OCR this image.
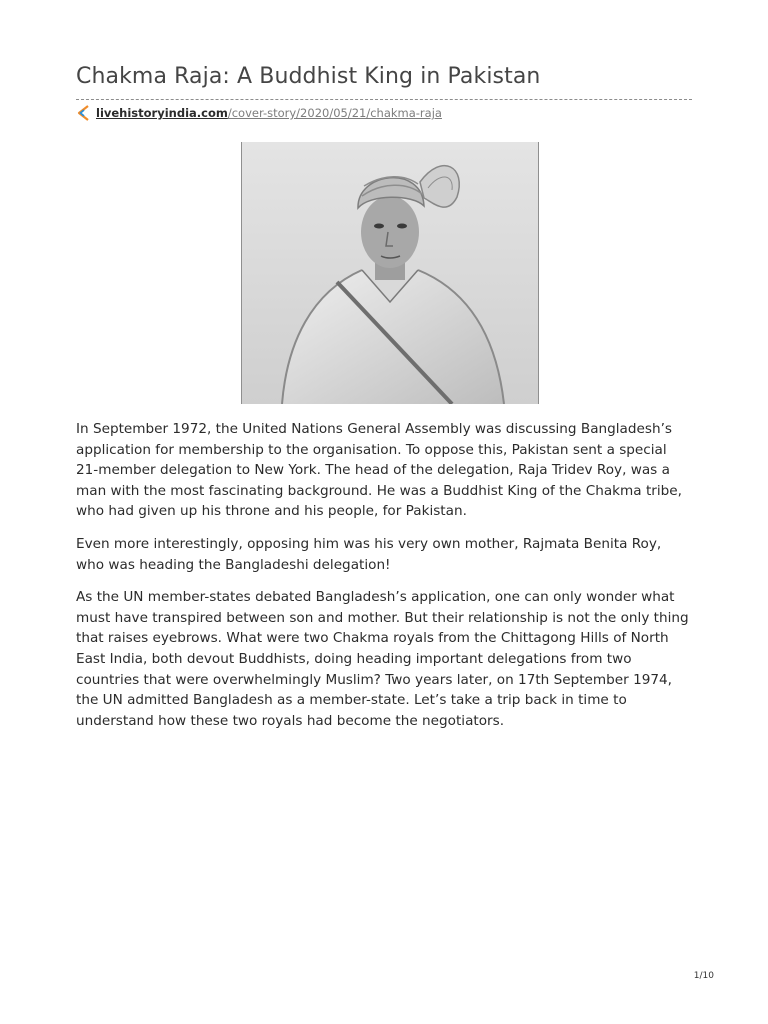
Chakma Raja: A Buddhist King in Pakistan
livehistoryindia.com /cover-story/2020/05/21/chakma-raja

In September 1972, the United Nations General Assembly was discussing Bangladesh’s application for membership to the organisation. To oppose this, Pakistan sent a special 21-member delegation to New York. The head of the delegation, Raja Tridev Roy, was a man with the most fascinating background. He was a Buddhist King of the Chakma tribe, who had given up his throne and his people, for Pakistan.

Even more interestingly, opposing him was his very own mother, Rajmata Benita Roy, who was heading the Bangladeshi delegation!

As the UN member-states debated Bangladesh’s application, one can only wonder what must have transpired between son and mother. But their relationship is not the only thing that raises eyebrows. What were two Chakma royals from the Chittagong Hills of North East India, both devout Buddhists, doing heading important delegations from two countries that were overwhelmingly Muslim? Two years later, on 17th September 1974, the UN admitted Bangladesh as a member-state. Let’s take a trip back in time to understand how these two royals had become the negotiators.

1/10
